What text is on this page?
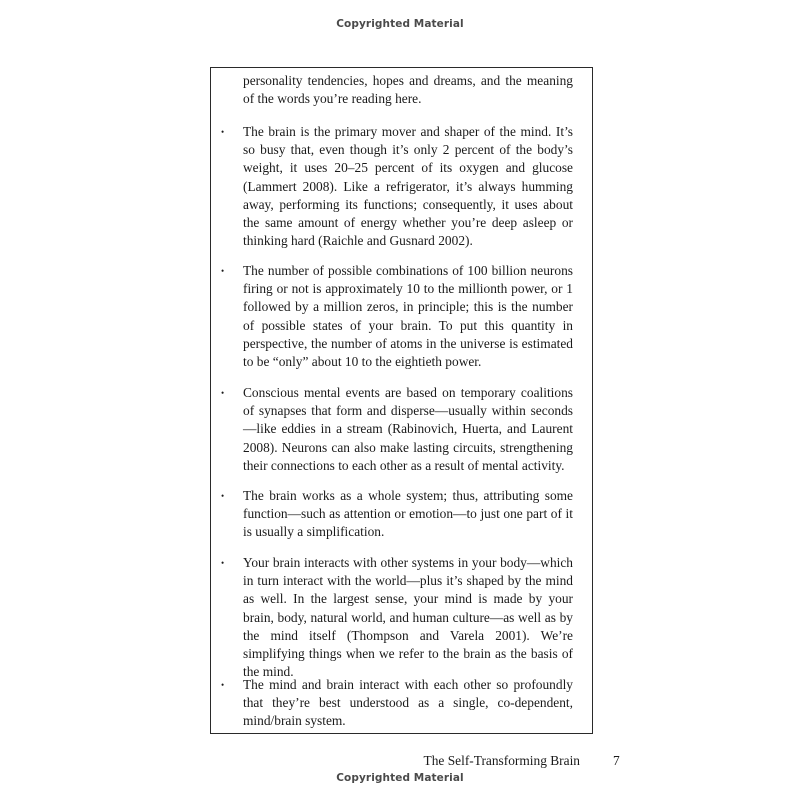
Copyrighted Material

personality tendencies, hopes and dreams, and the meaning of the words you’re reading here.

• The brain is the primary mover and shaper of the mind. It’s so busy that, even though it’s only 2 percent of the body’s weight, it uses 20–25 percent of its oxygen and glucose (Lammert 2008). Like a refrigerator, it’s always humming away, performing its functions; consequently, it uses about the same amount of energy whether you’re deep asleep or thinking hard (Raichle and Gusnard 2002).

• The number of possible combinations of 100 billion neurons firing or not is approximately 10 to the millionth power, or 1 followed by a million zeros, in principle; this is the number of possible states of your brain. To put this quantity in perspective, the number of atoms in the universe is estimated to be “only” about 10 to the eightieth power.

• Conscious mental events are based on temporary coalitions of synapses that form and disperse—usually within seconds—like eddies in a stream (Rabinovich, Huerta, and Laurent 2008). Neurons can also make lasting circuits, strengthening their connections to each other as a result of mental activity.

• The brain works as a whole system; thus, attributing some function—such as attention or emotion—to just one part of it is usually a simplification.

• Your brain interacts with other systems in your body—which in turn interact with the world—plus it’s shaped by the mind as well. In the largest sense, your mind is made by your brain, body, natural world, and human culture—as well as by the mind itself (Thompson and Varela 2001). We’re simplifying things when we refer to the brain as the basis of the mind.

• The mind and brain interact with each other so profoundly that they’re best understood as a single, co-dependent, mind/brain system.

The Self-Transforming Brain 7
Copyrighted Material
